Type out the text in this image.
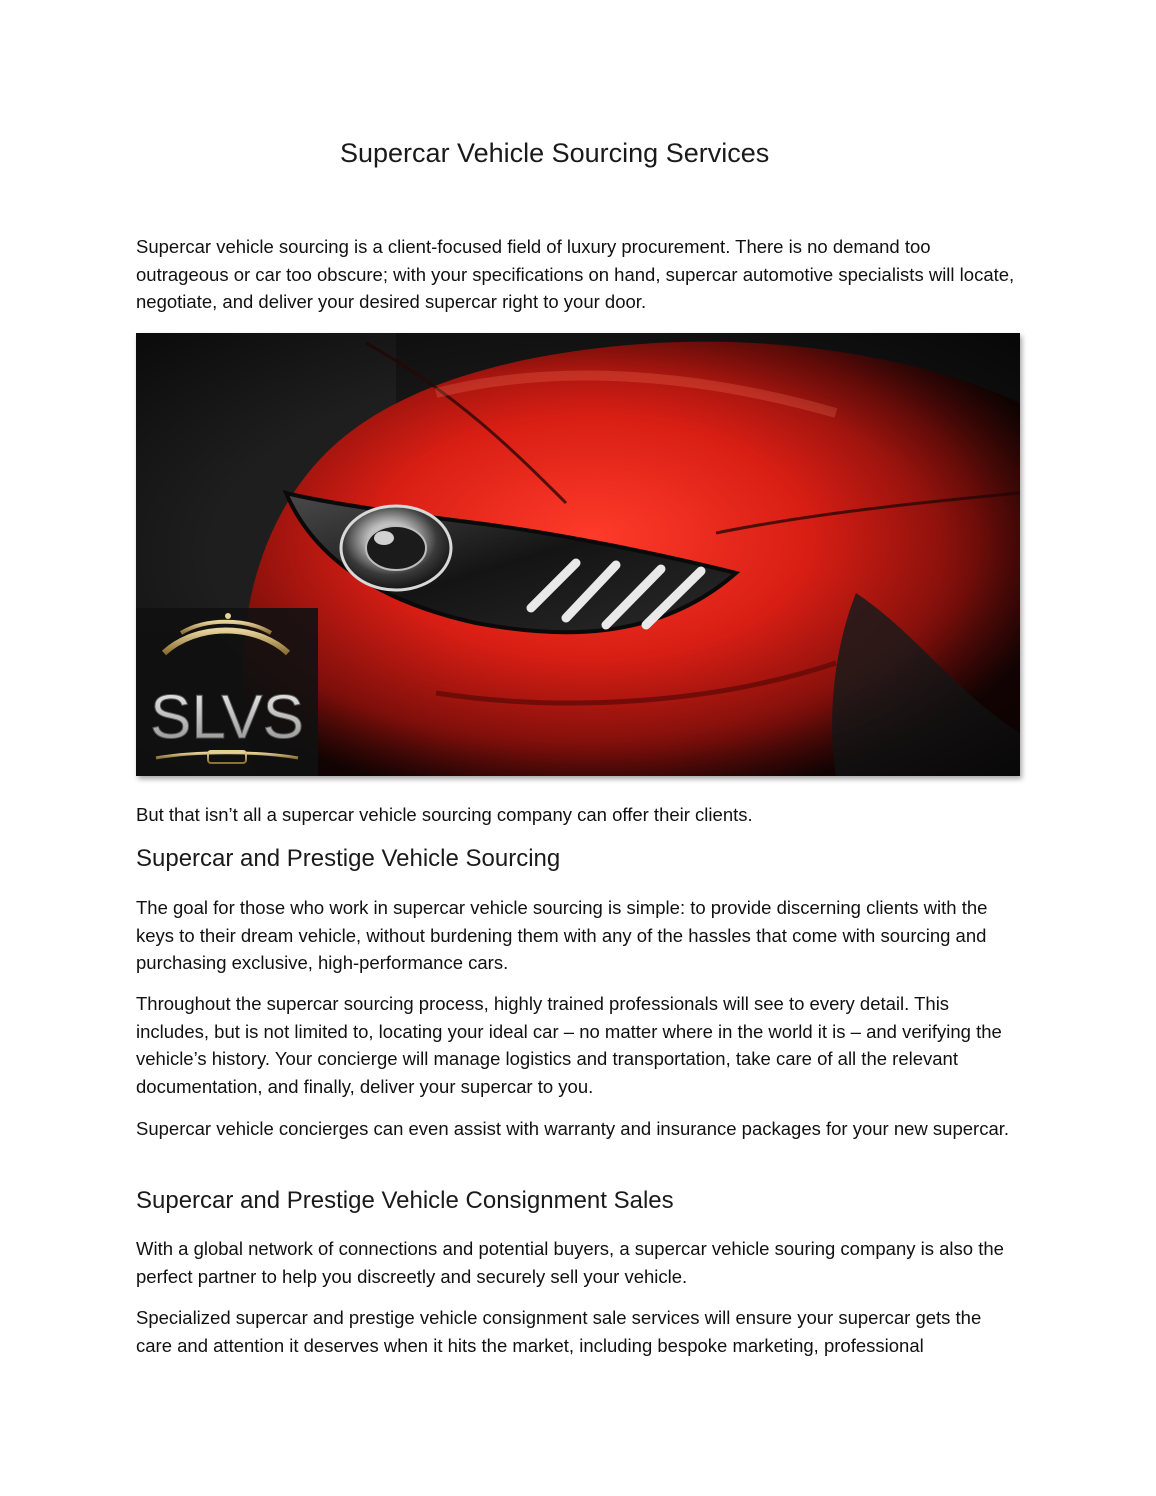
Supercar Vehicle Sourcing Services

Supercar vehicle sourcing is a client-focused field of luxury procurement. There is no demand too outrageous or car too obscure; with your specifications on hand, supercar automotive specialists will locate, negotiate, and deliver your desired supercar right to your door.

But that isn’t all a supercar vehicle sourcing company can offer their clients.

Supercar and Prestige Vehicle Sourcing

The goal for those who work in supercar vehicle sourcing is simple: to provide discerning clients with the keys to their dream vehicle, without burdening them with any of the hassles that come with sourcing and purchasing exclusive, high-performance cars.

Throughout the supercar sourcing process, highly trained professionals will see to every detail. This includes, but is not limited to, locating your ideal car – no matter where in the world it is – and verifying the vehicle’s history. Your concierge will manage logistics and transportation, take care of all the relevant documentation, and finally, deliver your supercar to you.

Supercar vehicle concierges can even assist with warranty and insurance packages for your new supercar.

Supercar and Prestige Vehicle Consignment Sales

With a global network of connections and potential buyers, a supercar vehicle souring company is also the perfect partner to help you discreetly and securely sell your vehicle.

Specialized supercar and prestige vehicle consignment sale services will ensure your supercar gets the care and attention it deserves when it hits the market, including bespoke marketing, professional

SLVS
